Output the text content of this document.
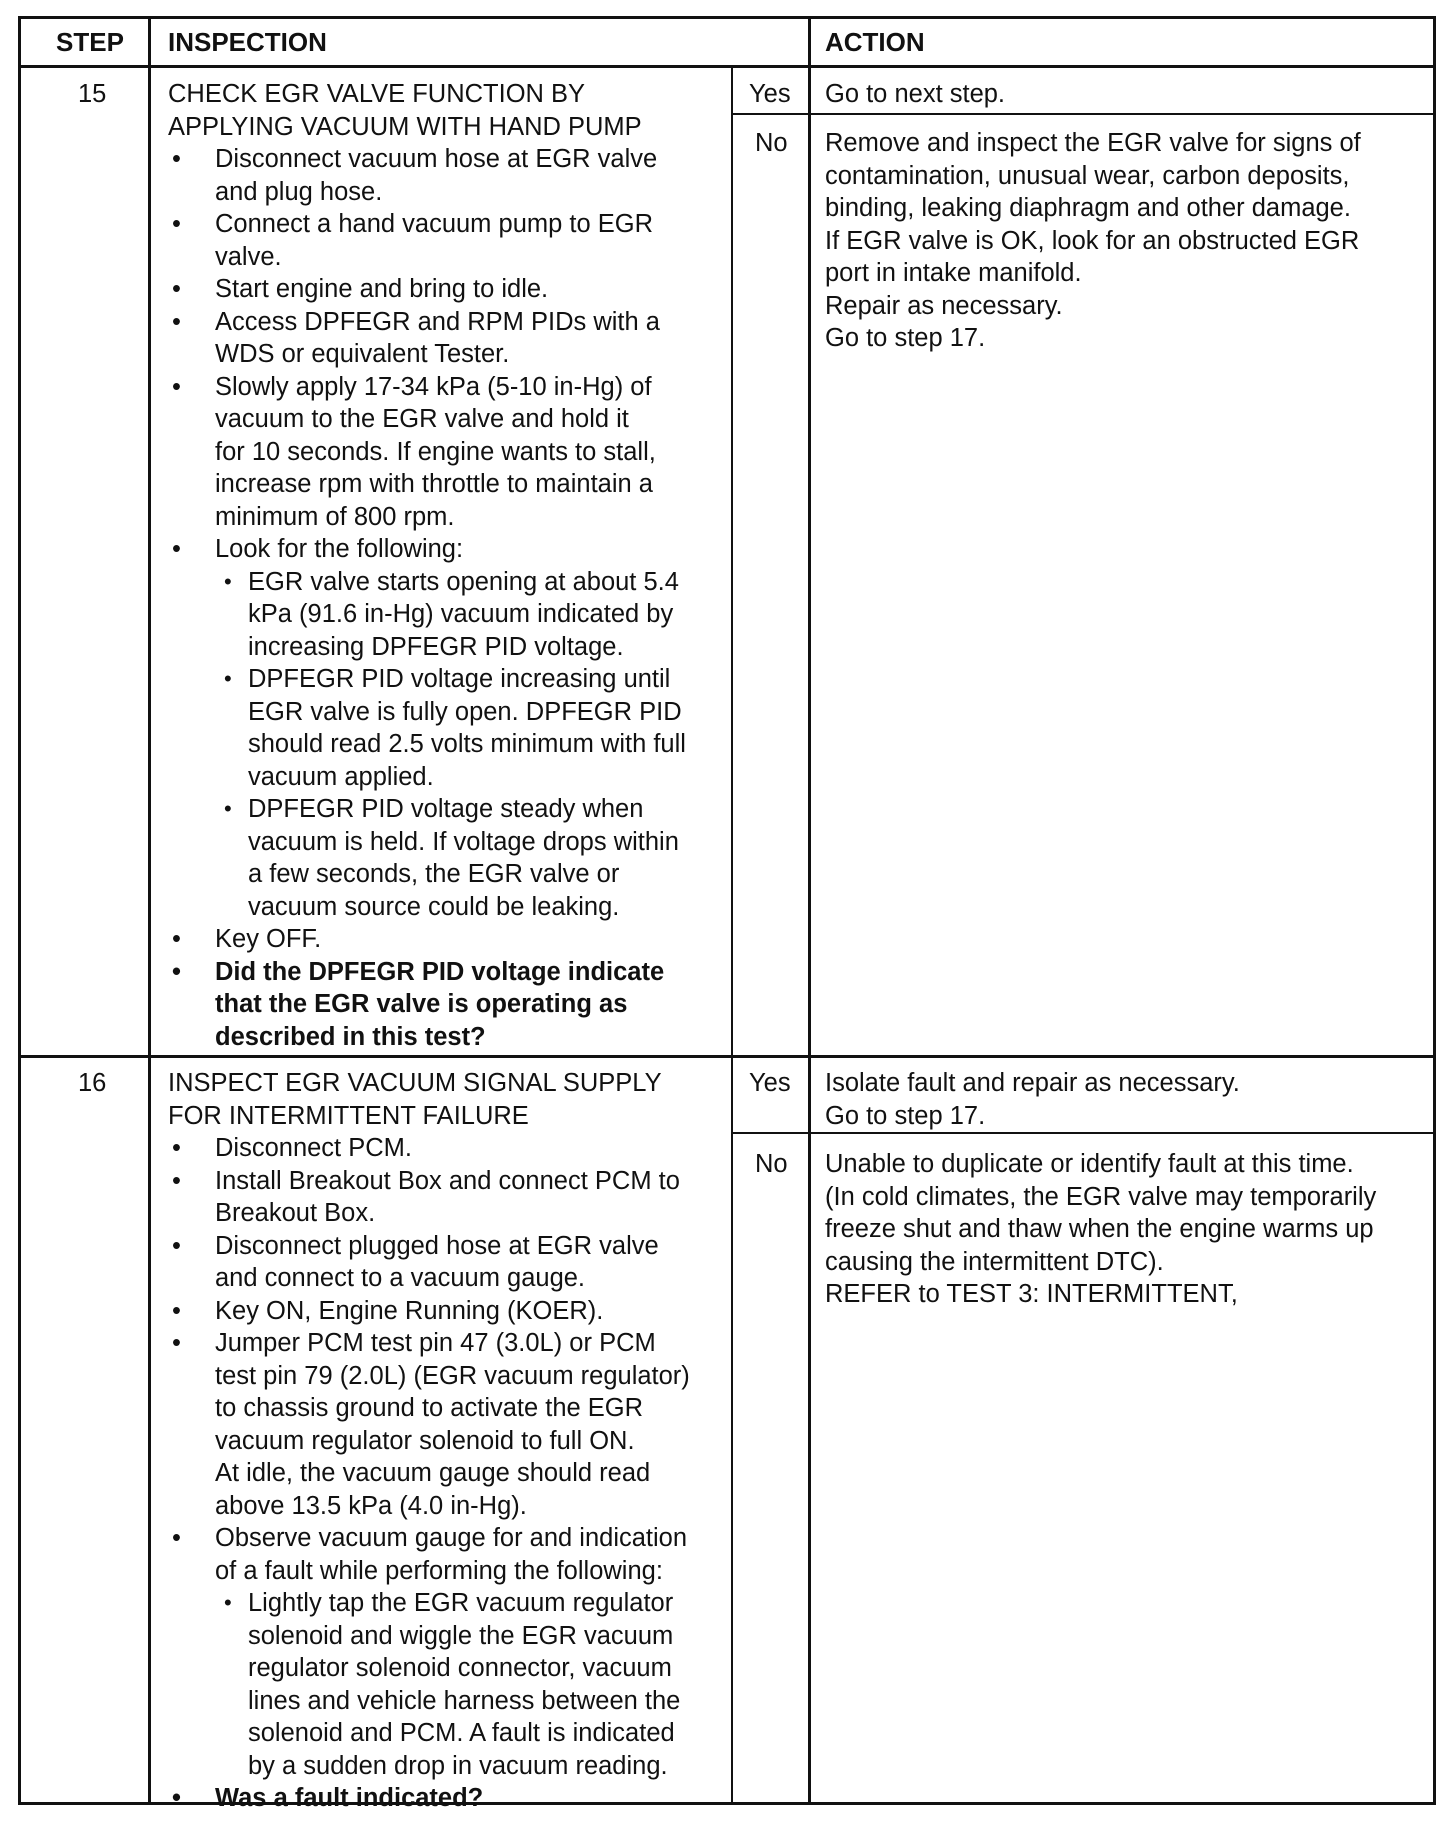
STEP INSPECTION	ACTION
15 CHECK EGR VALVE FUNCTION BY
APPLYING VACUUM WITH HAND PUMP
• Disconnect vacuum hose at EGR valve
and plug hose.
• Connect a hand vacuum pump to EGR
valve.
• Start engine and bring to idle.
• Access DPFEGR and RPM PIDs with a
WDS or equivalent Tester.
• Slowly apply 17-34 kPa (5-10 in-Hg) of
vacuum to the EGR valve and hold it
for 10 seconds. If engine wants to stall,
increase rpm with throttle to maintain a
minimum of 800 rpm.
• Look for the following:
• EGR valve starts opening at about 5.4
kPa (91.6 in-Hg) vacuum indicated by
increasing DPFEGR PID voltage.
• DPFEGR PID voltage increasing until
EGR valve is fully open. DPFEGR PID
should read 2.5 volts minimum with full
vacuum applied.
• DPFEGR PID voltage steady when
vacuum is held. If voltage drops within
a few seconds, the EGR valve or
vacuum source could be leaking.
• Key OFF.
• Did the DPFEGR PID voltage indicate
that the EGR valve is operating as
described in this test?
Yes Go to next step.
No Remove and inspect the EGR valve for signs of
contamination, unusual wear, carbon deposits,
binding, leaking diaphragm and other damage.
If EGR valve is OK, look for an obstructed EGR
port in intake manifold.
Repair as necessary.
Go to step 17.
16 INSPECT EGR VACUUM SIGNAL SUPPLY
FOR INTERMITTENT FAILURE
• Disconnect PCM.
• Install Breakout Box and connect PCM to
Breakout Box.
• Disconnect plugged hose at EGR valve
and connect to a vacuum gauge.
• Key ON, Engine Running (KOER).
• Jumper PCM test pin 47 (3.0L) or PCM
test pin 79 (2.0L) (EGR vacuum regulator)
to chassis ground to activate the EGR
vacuum regulator solenoid to full ON.
At idle, the vacuum gauge should read
above 13.5 kPa (4.0 in-Hg).
• Observe vacuum gauge for and indication
of a fault while performing the following:
• Lightly tap the EGR vacuum regulator
solenoid and wiggle the EGR vacuum
regulator solenoid connector, vacuum
lines and vehicle harness between the
solenoid and PCM. A fault is indicated
by a sudden drop in vacuum reading.
• Was a fault indicated?
Yes Isolate fault and repair as necessary.
Go to step 17.
No Unable to duplicate or identify fault at this time.
(In cold climates, the EGR valve may temporarily
freeze shut and thaw when the engine warms up
causing the intermittent DTC).
REFER to TEST 3: INTERMITTENT,
